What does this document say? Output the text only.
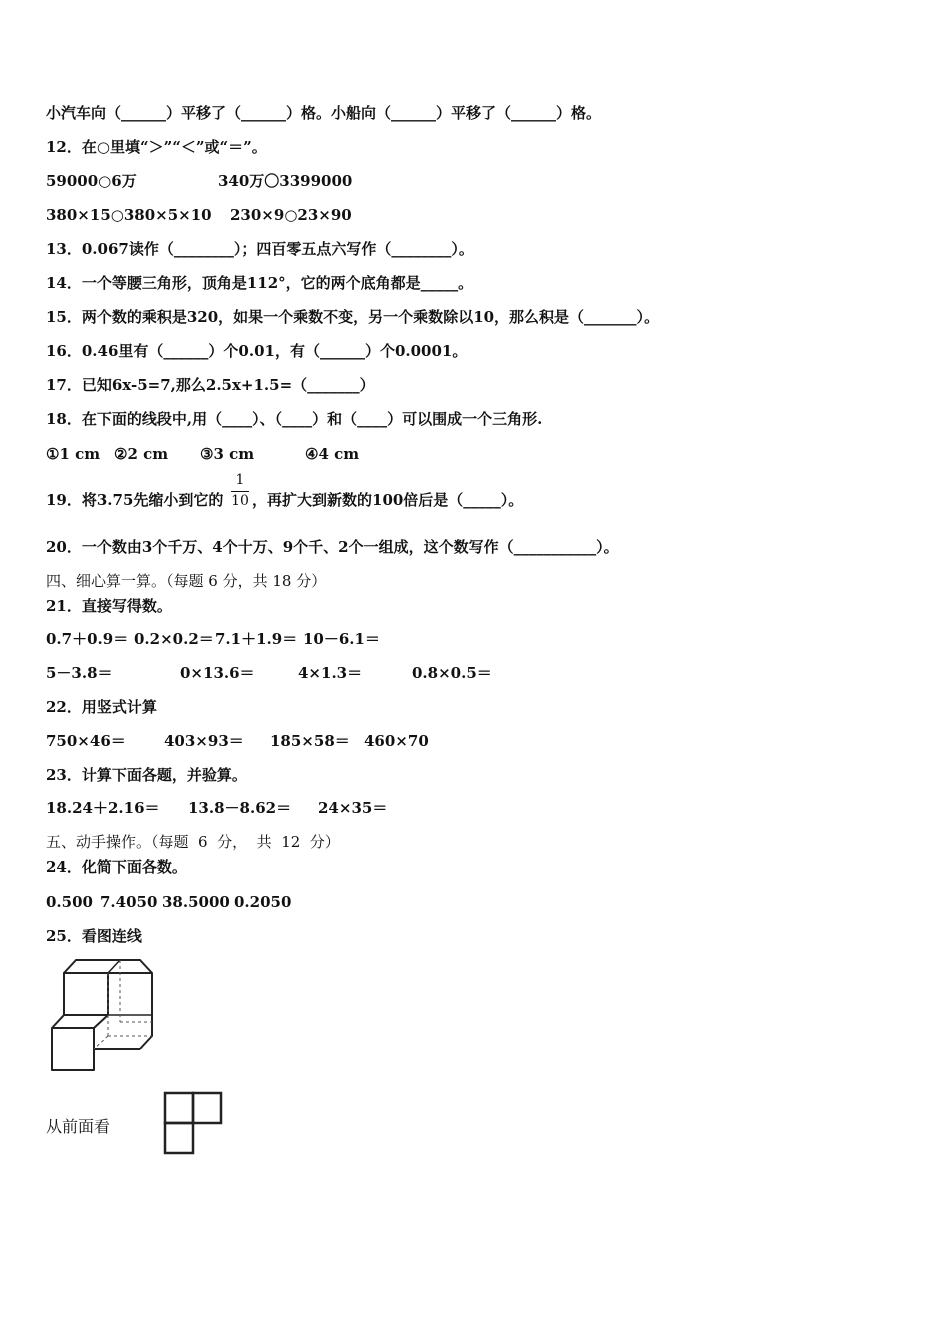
小汽车向（______）平移了（______）格。小船向（______）平移了（______）格。
12．在○里填“＞”“＜”或“＝”。
59000○6万	340万〇3399000
380×15○380×5×10 230×9○23×90
13．0.067读作（________）；四百零五点六写作（________）。
14．一个等腰三角形，顶角是112°，它的两个底角都是_____。
15．两个数的乘积是320，如果一个乘数不变，另一个乘数除以10，那么积是（_______）。
16．0.46里有（______）个0.01，有（______）个0.0001。
17．已知6x-5=7,那么2.5x+1.5=（_______）
18．在下面的线段中,用（____）、（____）和（____）可以围成一个三角形.
①1 cm ②2 cm ③3 cm	④4 cm
19．将3.75先缩小到它的
1
10 ，再扩大到新数的100倍后是（_____）。
20．一个数由3个千万、4个十万、9个千、2个一组成，这个数写作（___________）。
四、细心算一算。（每题 6 分，共 18 分）
21．直接写得数。
0.7＋0.9＝ 0.2×0.2＝ 7.1＋1.9＝ 10－6.1＝
5－3.8＝	0×13.6＝	4×1.3＝	0.8×0.5＝
22．用竖式计算
750×46＝	403×93＝ 185×58＝ 460×70
23．计算下面各题，并验算。
18.24＋2.16＝ 13.8－8.62＝ 24×35＝
五、动手操作。（每题  6  分，  共  12  分）
24．化简下面各数。
0.500 7.4050 38.5000 0.2050
25．看图连线
从前面看
